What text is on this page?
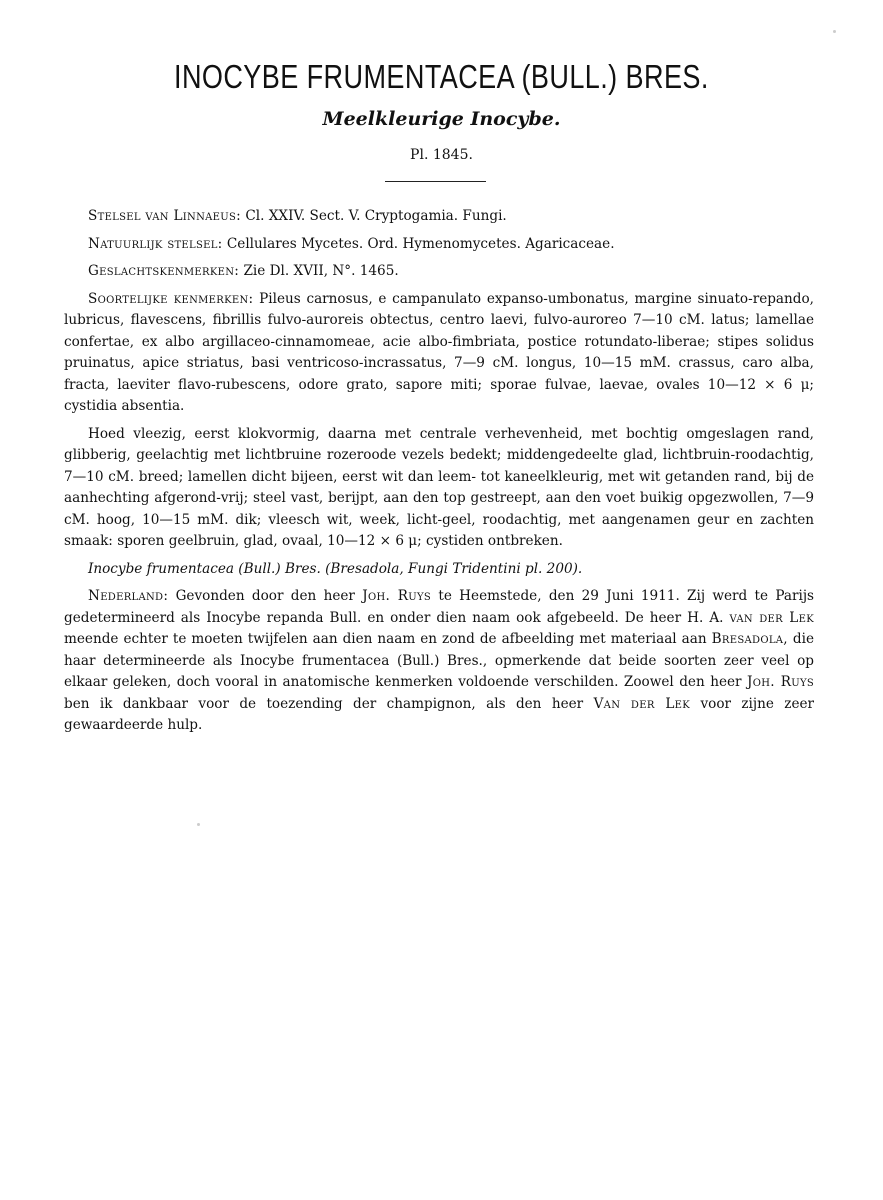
INOCYBE FRUMENTACEA (BULL.) BRES.
Meelkleurige Inocybe.
Pl. 1845.

Stelsel van Linnaeus: Cl. XXIV. Sect. V. Cryptogamia. Fungi.

Natuurlijk stelsel: Cellulares Mycetes. Ord. Hymenomycetes. Agaricaceae.

Geslachtskenmerken: Zie Dl. XVII, N°. 1465.

Soortelijke kenmerken: Pileus carnosus, e campanulato expanso-umbonatus, margine sinuato-repando, lubricus, flavescens, fibrillis fulvo-auroreis obtectus, centro laevi, fulvo-auroreo 7—10 cM. latus; lamellae confertae, ex albo argillaceo-cinnamomeae, acie albo-fimbriata, postice rotundato-liberae; stipes solidus pruinatus, apice striatus, basi ventricoso-incrassatus, 7—9 cM. longus, 10—15 mM. crassus, caro alba, fracta, laeviter flavo-rubescens, odore grato, sapore miti; sporae fulvae, laevae, ovales 10—12 × 6 μ; cystidia absentia.

Hoed vleezig, eerst klokvormig, daarna met centrale verhevenheid, met bochtig omgeslagen rand, glibberig, geelachtig met lichtbruine rozeroode vezels bedekt; middengedeelte glad, lichtbruin-roodachtig, 7—10 cM. breed; lamellen dicht bijeen, eerst wit dan leem- tot kaneelkleurig, met wit getanden rand, bij de aanhechting afgerond-vrij; steel vast, berijpt, aan den top gestreept, aan den voet buikig opgezwollen, 7—9 cM. hoog, 10—15 mM. dik; vleesch wit, week, licht-geel, roodachtig, met aangenamen geur en zachten smaak: sporen geelbruin, glad, ovaal, 10—12 × 6 μ; cystiden ontbreken.

Inocybe frumentacea (Bull.) Bres. (Bresadola, Fungi Tridentini pl. 200).

Nederland: Gevonden door den heer Joh. Ruys te Heemstede, den 29 Juni 1911. Zij werd te Parijs gedetermineerd als Inocybe repanda Bull. en onder dien naam ook afgebeeld. De heer H. A. van der Lek meende echter te moeten twijfelen aan dien naam en zond de afbeelding met materiaal aan Bresadola, die haar determineerde als Inocybe frumentacea (Bull.) Bres., opmerkende dat beide soorten zeer veel op elkaar geleken, doch vooral in anatomische kenmerken voldoende verschilden. Zoowel den heer Joh. Ruys ben ik dankbaar voor de toezending der champignon, als den heer Van der Lek voor zijne zeer gewaardeerde hulp.
